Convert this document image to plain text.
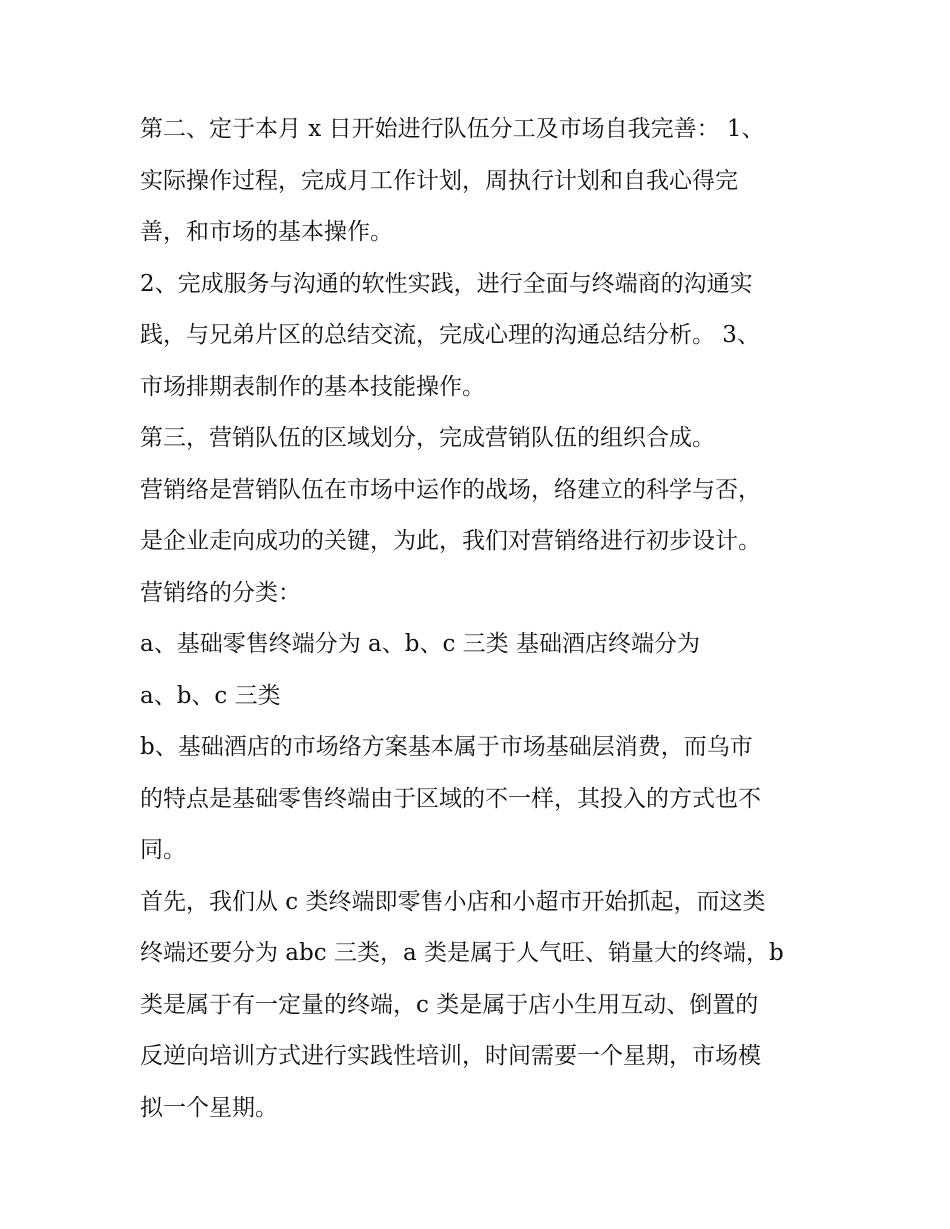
第二、定于本月 x 日开始进行队伍分工及市场自我完善： 1、
实际操作过程，完成月工作计划，周执行计划和自我心得完
善，和市场的基本操作。
2、完成服务与沟通的软性实践，进行全面与终端商的沟通实
践，与兄弟片区的总结交流，完成心理的沟通总结分析。 3、
市场排期表制作的基本技能操作。
第三，营销队伍的区域划分，完成营销队伍的组织合成。
营销络是营销队伍在市场中运作的战场，络建立的科学与否，
是企业走向成功的关键，为此，我们对营销络进行初步设计。
营销络的分类：
a、基础零售终端分为 a、b、c 三类 基础酒店终端分为
a、b、c 三类
b、基础酒店的市场络方案基本属于市场基础层消费，而乌市
的特点是基础零售终端由于区域的不一样，其投入的方式也不
同。
首先，我们从 c 类终端即零售小店和小超市开始抓起，而这类
终端还要分为 abc 三类，a 类是属于人气旺、销量大的终端，b
类是属于有一定量的终端，c 类是属于店小生用互动、倒置的
反逆向培训方式进行实践性培训，时间需要一个星期，市场模
拟一个星期。
